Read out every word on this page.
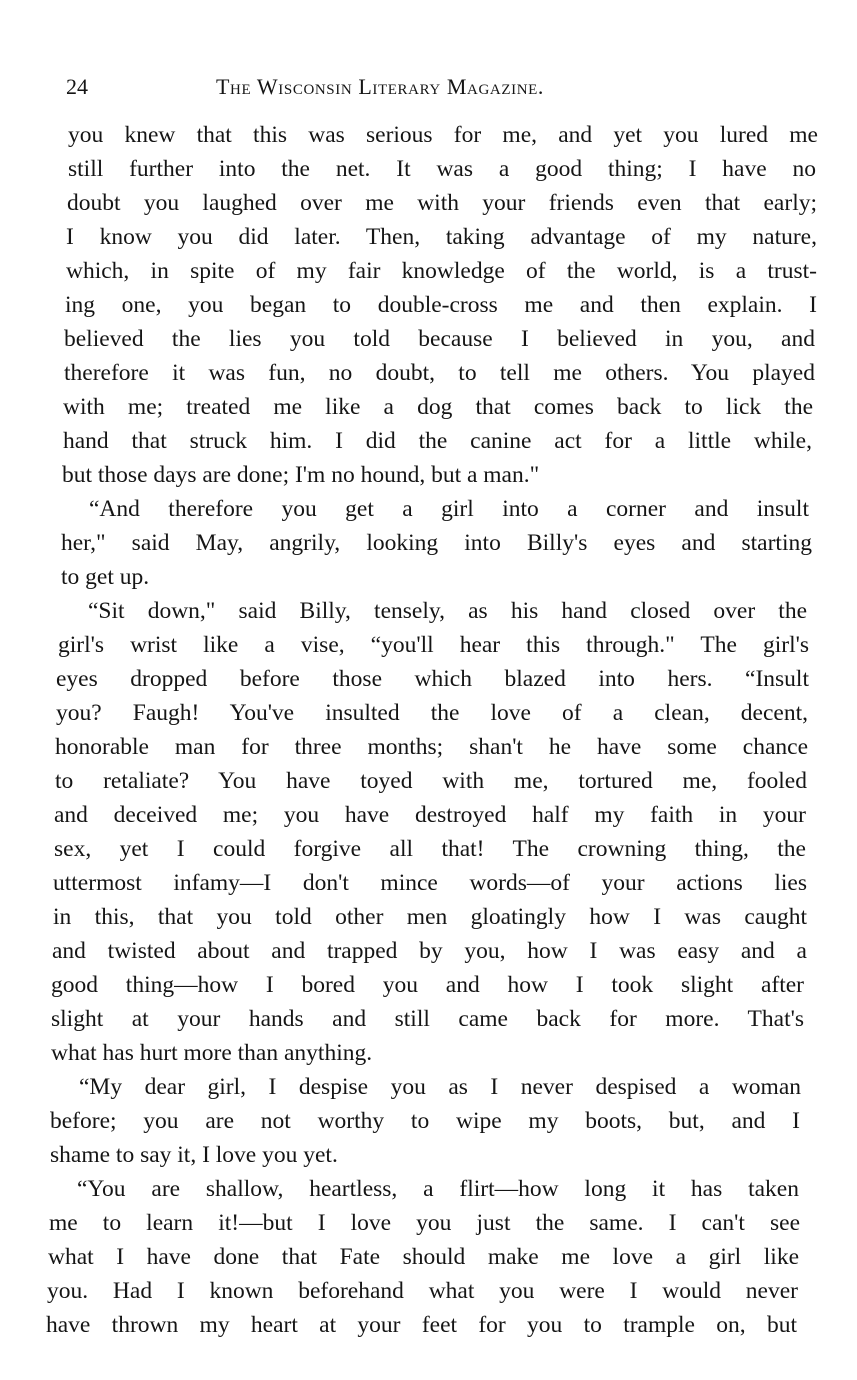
24	The Wisconsin Literary Magazine.
you knew that this was serious for me, and yet you lured me
still further into the net. It was a good thing; I have no
doubt you laughed over me with your friends even that early;
I know you did later. Then, taking advantage of my nature,
which, in spite of my fair knowledge of the world, is a trust-
ing one, you began to double-cross me and then explain. I
believed the lies you told because I believed in you, and
therefore it was fun, no doubt, to tell me others. You played
with me; treated me like a dog that comes back to lick the
hand that struck him. I did the canine act for a little while,
but those days are done; I'm no hound, but a man."
“And therefore you get a girl into a corner and insult
her," said May, angrily, looking into Billy's eyes and starting
to get up.
“Sit down," said Billy, tensely, as his hand closed over the
girl's wrist like a vise, “you'll hear this through." The girl's
eyes dropped before those which blazed into hers. “Insult
you? Faugh! You've insulted the love of a clean, decent,
honorable man for three months; shan't he have some chance
to retaliate? You have toyed with me, tortured me, fooled
and deceived me; you have destroyed half my faith in your
sex, yet I could forgive all that! The crowning thing, the
uttermost infamy—I don't mince words—of your actions lies
in this, that you told other men gloatingly how I was caught
and twisted about and trapped by you, how I was easy and a
good thing—how I bored you and how I took slight after
slight at your hands and still came back for more. That's
what has hurt more than anything.
“My dear girl, I despise you as I never despised a woman
before; you are not worthy to wipe my boots, but, and I
shame to say it, I love you yet.
“You are shallow, heartless, a flirt—how long it has taken
me to learn it!—but I love you just the same. I can't see
what I have done that Fate should make me love a girl like
you. Had I known beforehand what you were I would never
have thrown my heart at your feet for you to trample on, but
